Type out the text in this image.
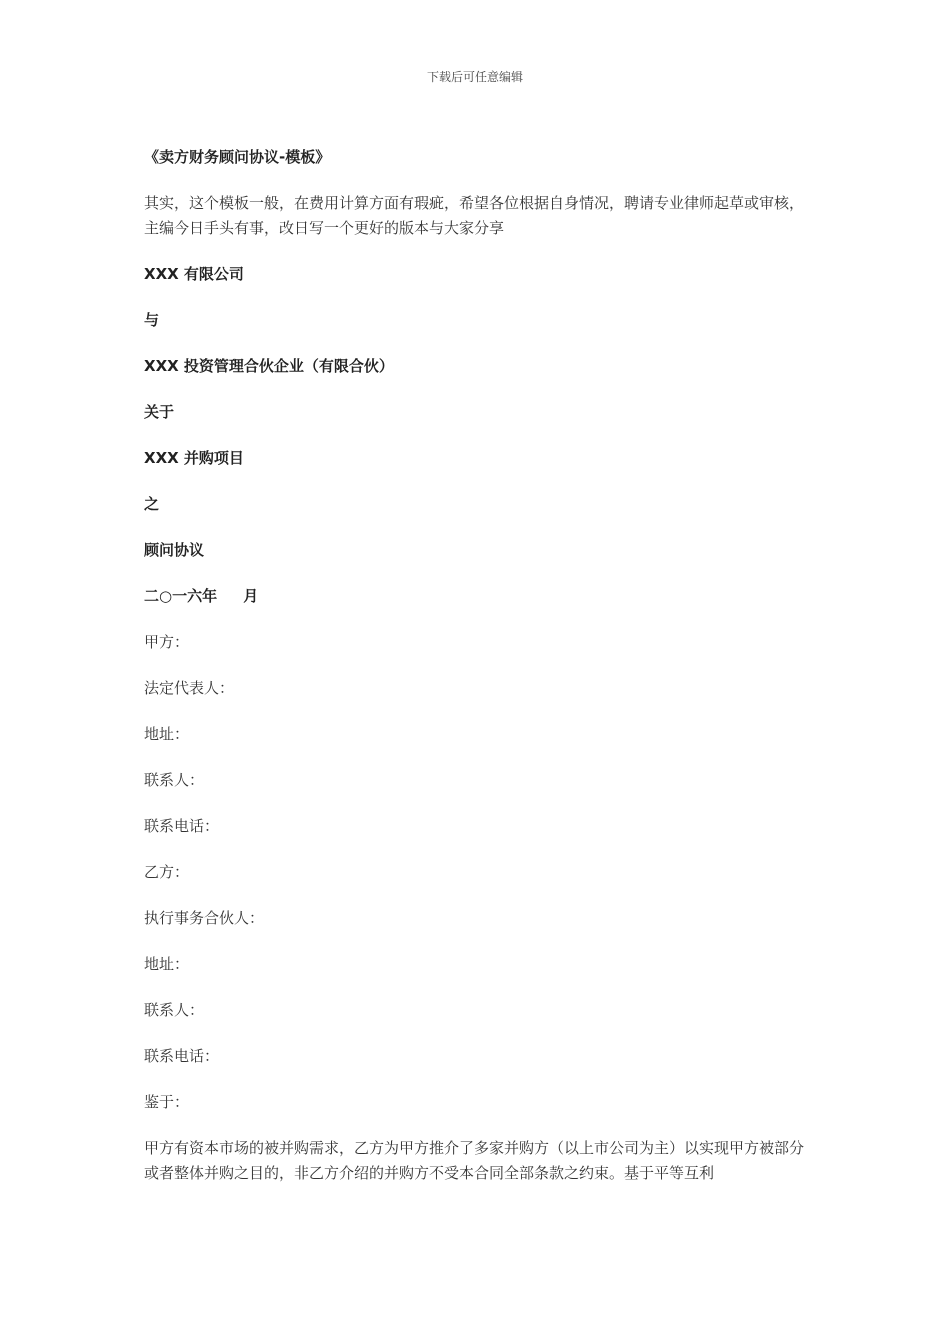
下载后可任意编辑
《卖方财务顾问协议-模板》
其实，这个模板一般，在费用计算方面有瑕疵，希望各位根据自身情况，聘请专业律师起草或审核，主编今日手头有事，改日写一个更好的版本与大家分享
XXX 有限公司
与
XXX 投资管理合伙企业（有限合伙）
关于
XXX 并购项目
之
顾问协议
二○一六年     月
甲方：
法定代表人：
地址：
联系人：
联系电话：
乙方：
执行事务合伙人：
地址：
联系人：
联系电话：
鉴于：
甲方有资本市场的被并购需求，乙方为甲方推介了多家并购方（以上市公司为主）以实现甲方被部分或者整体并购之目的，非乙方介绍的并购方不受本合同全部条款之约束。基于平等互利
